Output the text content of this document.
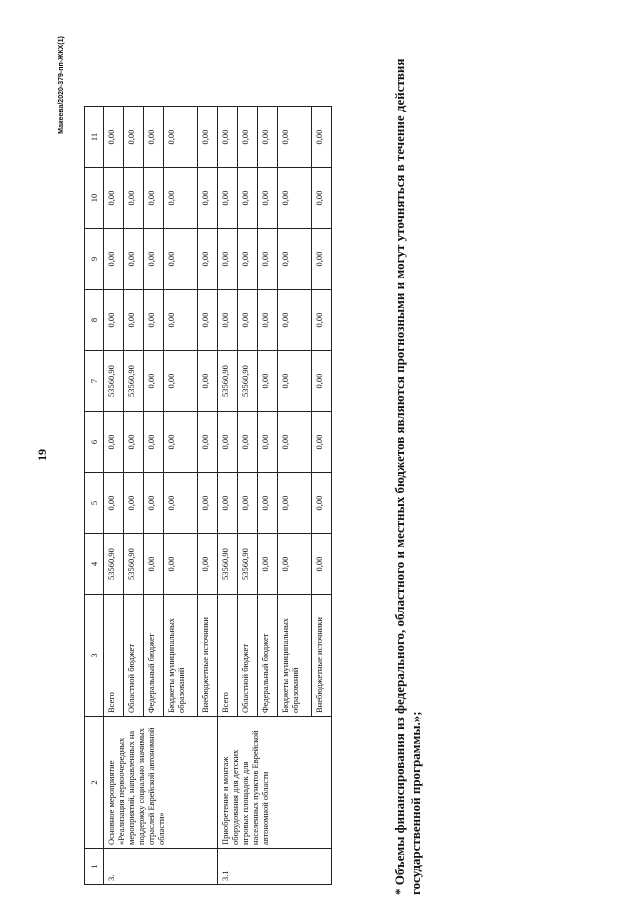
19
Макеева/2020-379-пп-ЖКХ(1)
1	2	3	4	5	6	7	8	9	10	11
3.	Основное мероприятие «Реализация первоочередных мероприятий, направленных на поддержку социально значимых отраслей Еврейской автономной области»	Всего	53560,90	0,00	0,00	53560,90	0,00	0,00	0,00	0,00
		Областной бюджет	53560,90	0,00	0,00	53560,90	0,00	0,00	0,00	0,00
		Федеральный бюджет	0,00	0,00	0,00	0,00	0,00	0,00	0,00	0,00
		Бюджеты муниципальных образований	0,00	0,00	0,00	0,00	0,00	0,00	0,00	0,00
		Внебюджетные источники	0,00	0,00	0,00	0,00	0,00	0,00	0,00	0,00
3.1	Приобретение и монтаж оборудования для детских игровых площадок для населенных пунктов Еврейской автономной области	Всего	53560,90	0,00	0,00	53560,90	0,00	0,00	0,00	0,00
		Областной бюджет	53560,90	0,00	0,00	53560,90	0,00	0,00	0,00	0,00
		Федеральный бюджет	0,00	0,00	0,00	0,00	0,00	0,00	0,00	0,00
		Бюджеты муниципальных образований	0,00	0,00	0,00	0,00	0,00	0,00	0,00	0,00
		Внебюджетные источники	0,00	0,00	0,00	0,00	0,00	0,00	0,00	0,00	* Объемы финансирования из федерального, областного и местных бюджетов являются прогнозными и могут уточняться в течение действия государственной программы.»;
